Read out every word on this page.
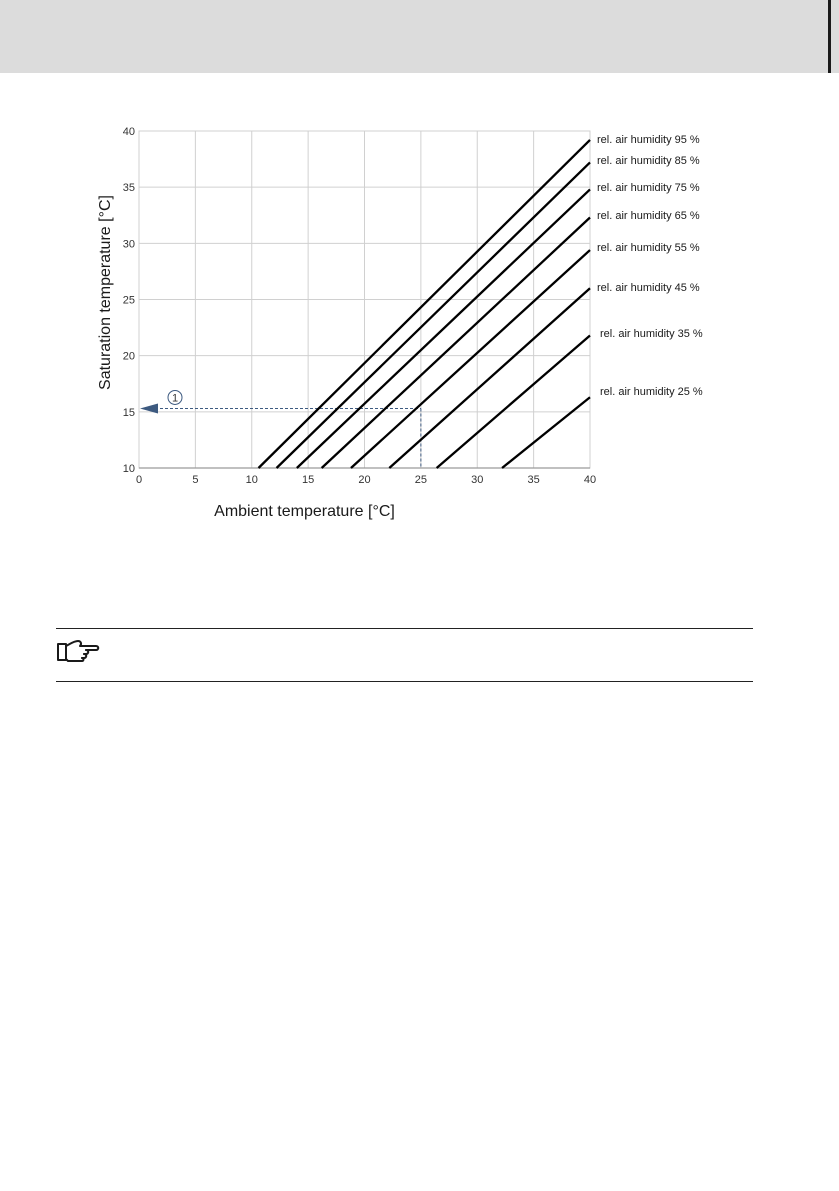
0	5	10	15	20	25	30	35	40
10
15
20
25
30
35
40
rel. air humidity 95 %
rel. air humidity 85 %
rel. air humidity 75 %
rel. air humidity 65 %
rel. air humidity 55 %
rel. air humidity 45 %
rel. air humidity 35 %
rel. air humidity 25 %
1
Ambient temperature [°C]
Saturation temperature [°C]
